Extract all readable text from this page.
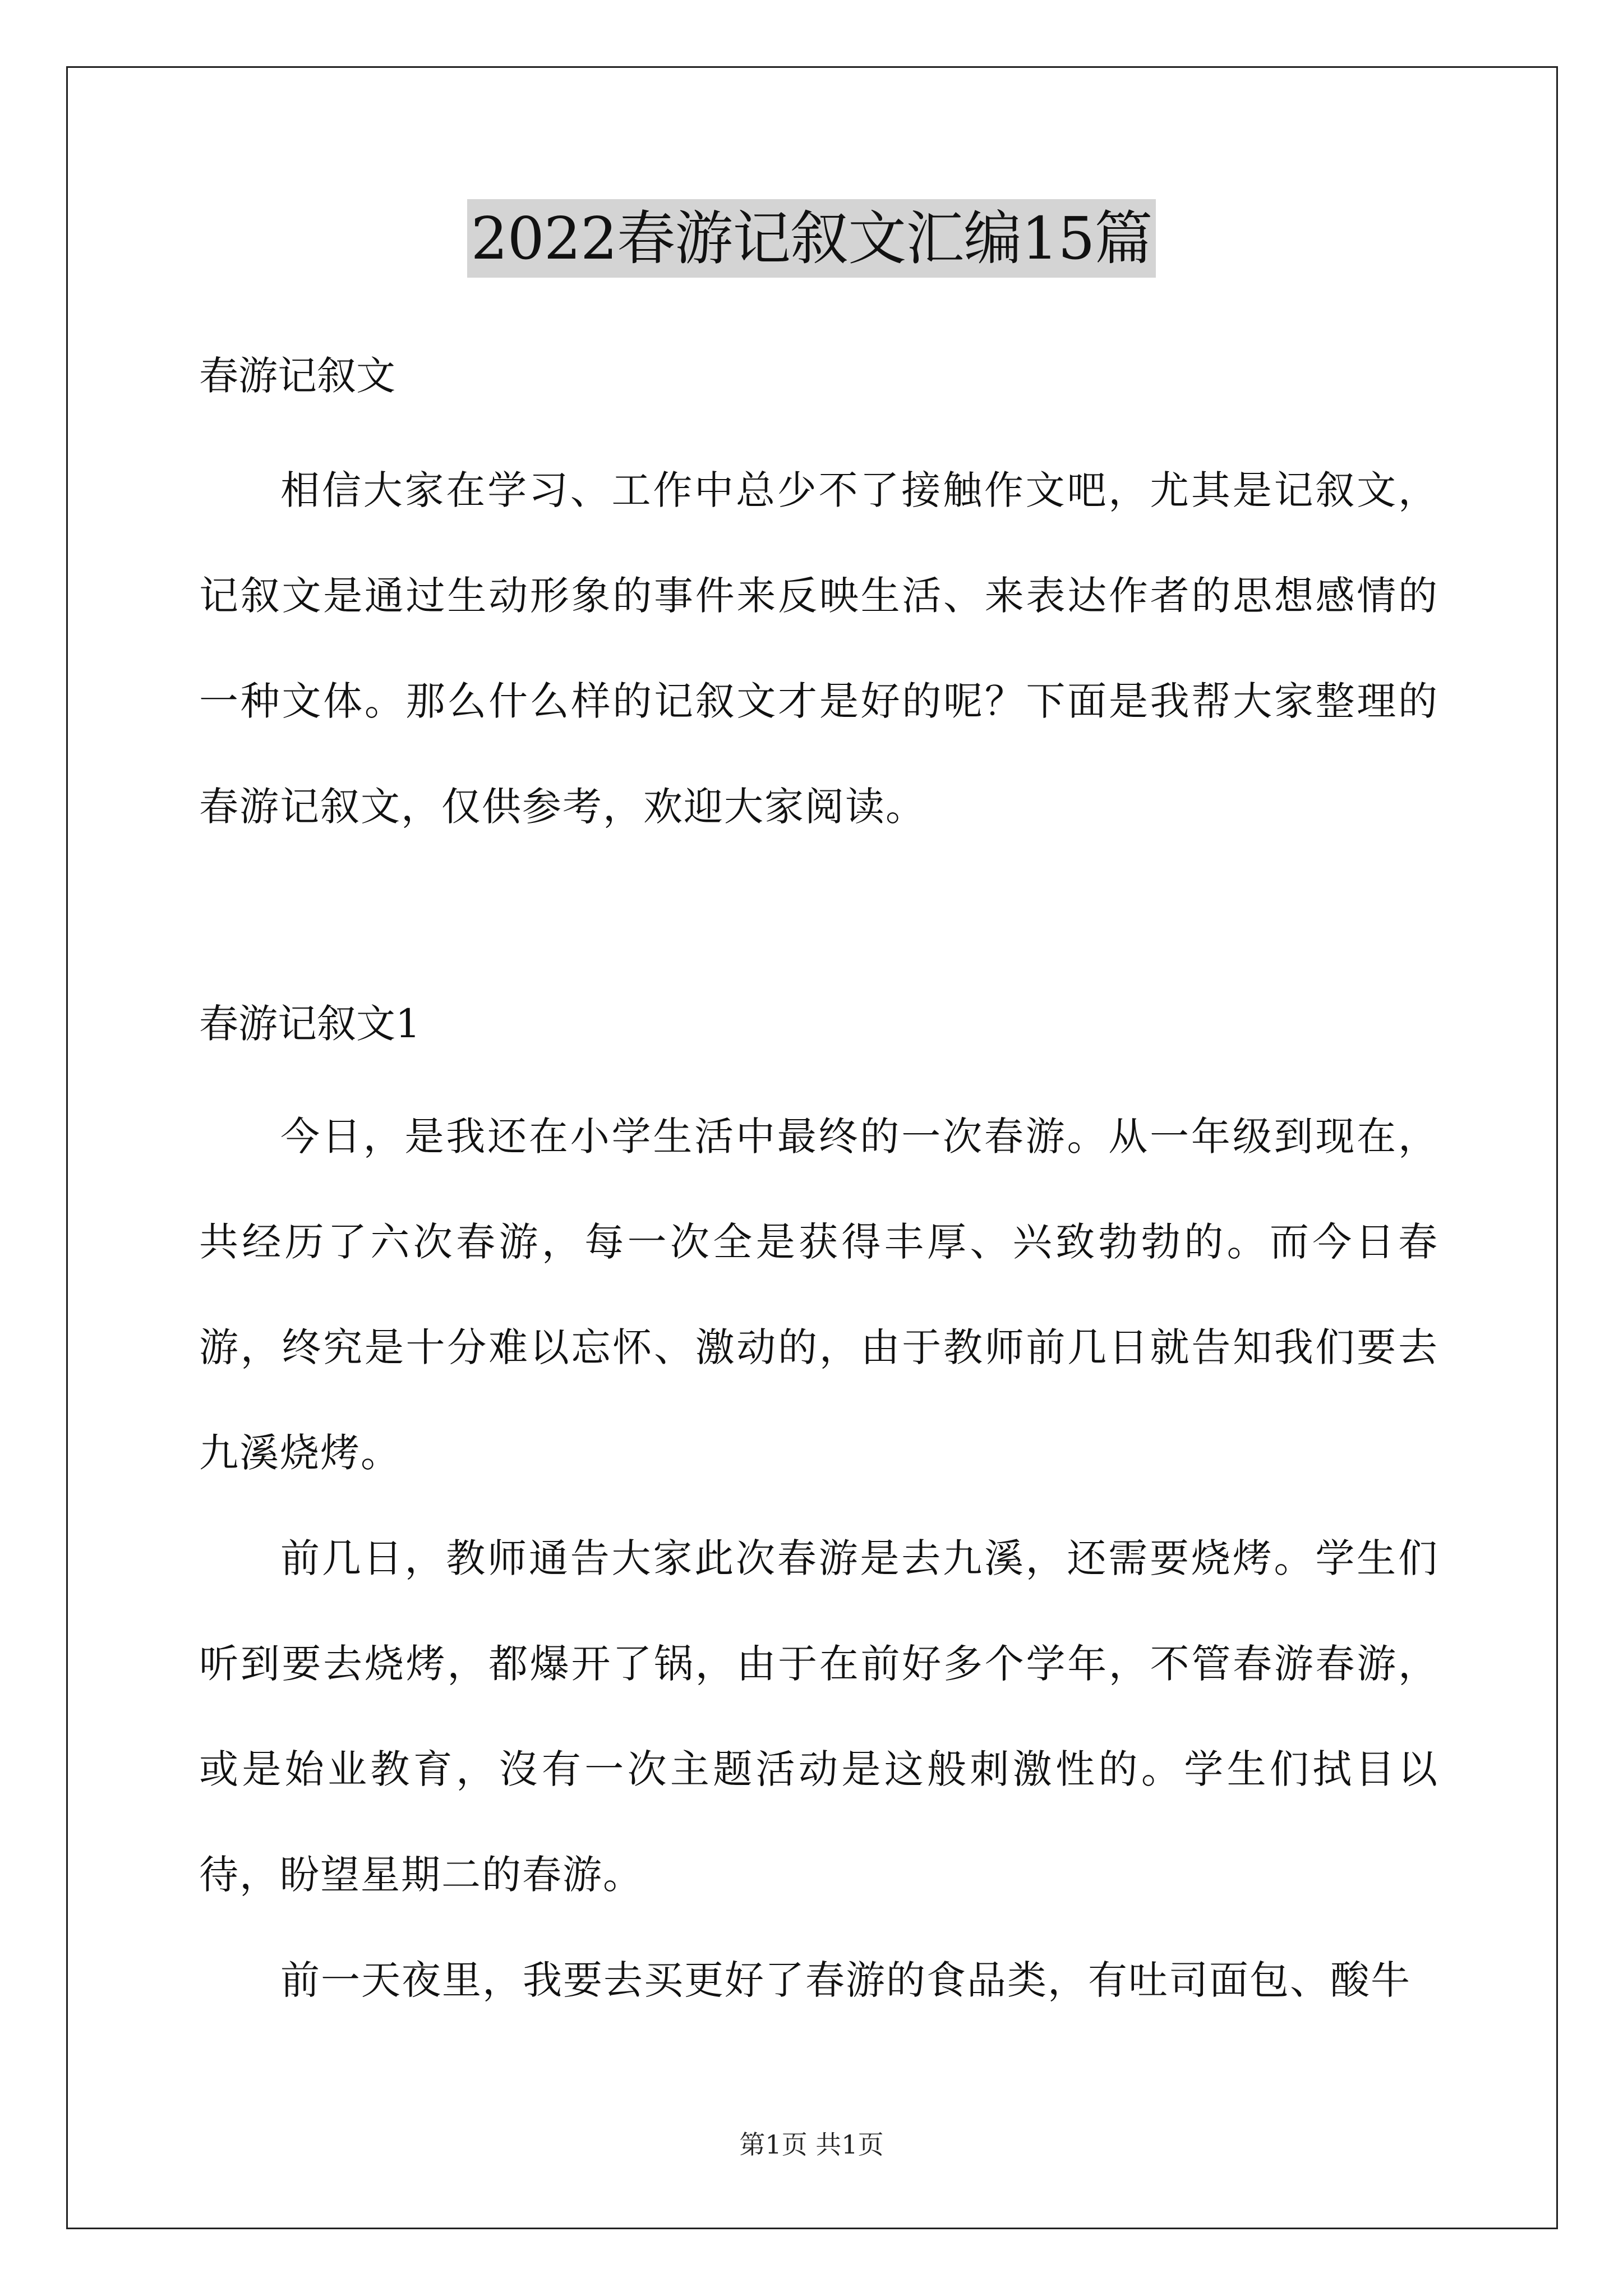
2022春游记叙文汇编15篇
春游记叙文
相信大家在学习、工作中总少不了接触作文吧，尤其是记叙文，记叙文是通过生动形象的事件来反映生活、来表达作者的思想感情的一种文体。那么什么样的记叙文才是好的呢？下面是我帮大家整理的春游记叙文，仅供参考，欢迎大家阅读。
春游记叙文1
今日，是我还在小学生活中最终的一次春游。从一年级到现在，共经历了六次春游，每一次全是获得丰厚、兴致勃勃的。而今日春游，终究是十分难以忘怀、激动的，由于教师前几日就告知我们要去九溪烧烤。
前几日，教师通告大家此次春游是去九溪，还需要烧烤。学生们听到要去烧烤，都爆开了锅，由于在前好多个学年，不管春游春游，或是始业教育，沒有一次主题活动是这般刺激性的。学生们拭目以待，盼望星期二的春游。
前一天夜里，我要去买更好了春游的食品类，有吐司面包、酸牛
第1页 共1页
